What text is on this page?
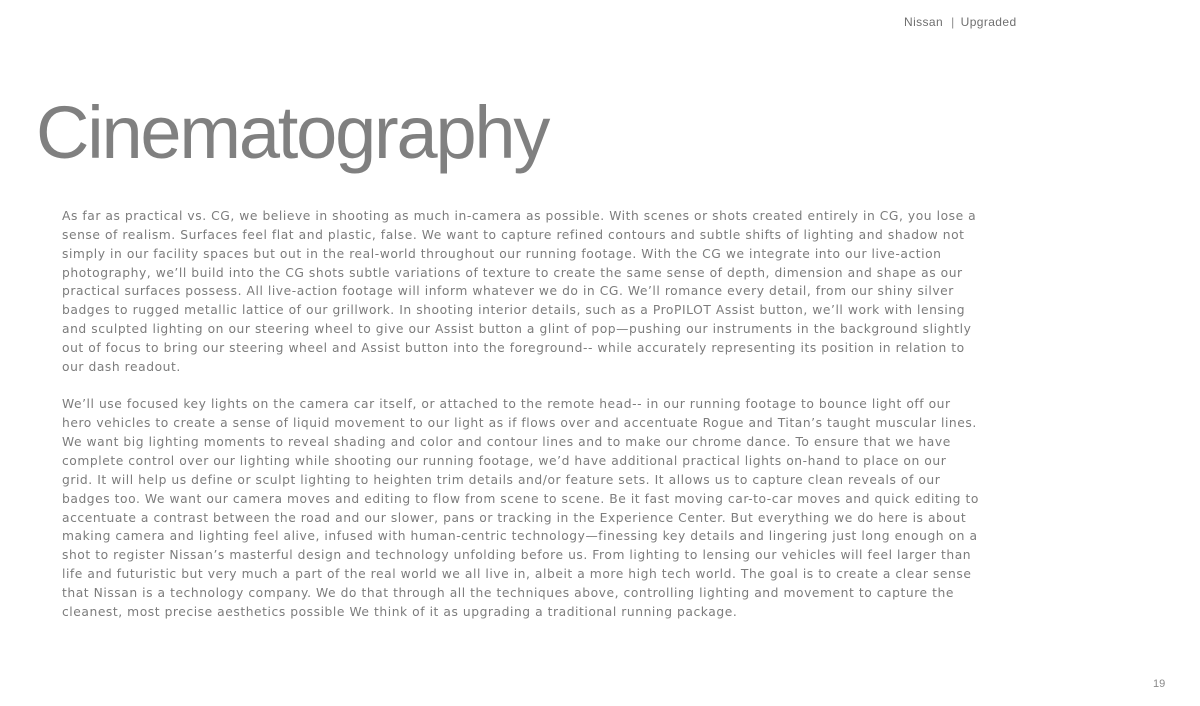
Nissan | Upgraded
Cinematography

As far as practical vs. CG, we believe in shooting as much in-camera as possible. With scenes or shots created entirely in CG, you lose a sense of realism. Surfaces feel flat and plastic, false. We want to capture refined contours and subtle shifts of lighting and shadow not simply in our facility spaces but out in the real-world throughout our running footage. With the CG we integrate into our live-action photography, we’ll build into the CG shots subtle variations of texture to create the same sense of depth, dimension and shape as our practical surfaces possess. All live-action footage will inform whatever we do in CG. We’ll romance every detail, from our shiny silver badges to rugged metallic lattice of our grillwork. In shooting interior details, such as a ProPILOT Assist button, we’ll work with lensing and sculpted lighting on our steering wheel to give our Assist button a glint of pop—pushing our instruments in the background slightly out of focus to bring our steering wheel and Assist button into the foreground-- while accurately representing its position in relation to our dash readout.

We’ll use focused key lights on the camera car itself, or attached to the remote head-- in our running footage to bounce light off our hero vehicles to create a sense of liquid movement to our light as if flows over and accentuate Rogue and Titan’s taught muscular lines. We want big lighting moments to reveal shading and color and contour lines and to make our chrome dance. To ensure that we have complete control over our lighting while shooting our running footage, we’d have additional practical lights on-hand to place on our grid. It will help us define or sculpt lighting to heighten trim details and/or feature sets. It allows us to capture clean reveals of our badges too. We want our camera moves and editing to flow from scene to scene. Be it fast moving car-to-car moves and quick editing to accentuate a contrast between the road and our slower, pans or tracking in the Experience Center. But everything we do here is about making camera and lighting feel alive, infused with human-centric technology—finessing key details and lingering just long enough on a shot to register Nissan’s masterful design and technology unfolding before us. From lighting to lensing our vehicles will feel larger than life and futuristic but very much a part of the real world we all live in, albeit a more high tech world. The goal is to create a clear sense that Nissan is a technology company. We do that through all the techniques above, controlling lighting and movement to capture the cleanest, most precise aesthetics possible We think of it as upgrading a traditional running package.

19
